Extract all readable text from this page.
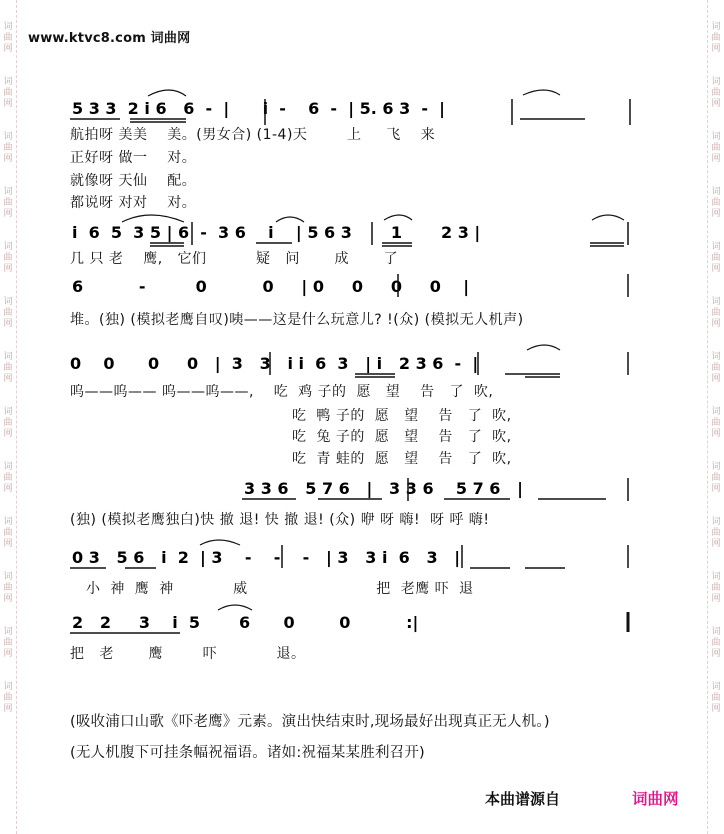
词
曲
网
词
曲
网
词
曲
网
词
曲
网
词
曲
网
词
曲
网
词
曲
网
词
曲
网
词
曲
网
词
曲
网
词
曲
网
词
曲
网
词
曲
网
词
曲
网
词
曲
网
词
曲
网
词
曲
网
词
曲
网
词
曲
网
词
曲
网
词
曲
网
词
曲
网
词
曲
网
词
曲
网
词
曲
网
词
曲
网
www.ktvc8.com 词曲网
5 3 3  2 i 6   6  -  |      i  -    6  -  | 5. 6 3  -  |
i  6  5  3 5 | 6  -  3 6    i    | 5 6 3       1       2 3 |
6          -         0          0     | 0     0     0     0    |
0    0      0     0   |  3   3   i i  6  3   | i   2 3 6  -  |
3 3 6   5 7 6   |   3 3 6    5 7 6   |
0 3   5 6   i  2  | 3    -    -    -   | 3   3 i  6   3   |
2   2     3    i  5       6      0        0          :|
航拍呀 美美    美。(男女合) (1-4)天        上     飞    来
正好呀 做一    对。
就像呀 天仙    配。
都说呀 对对    对。
几 只 老    鹰,   它们          疑   问       成       了
堆。(独) (模拟老鹰自叹)咦——这是什么玩意儿? !(众) (模拟无人机声)
呜——呜—— 呜——呜——,    吃  鸡 子的  愿   望    告   了  吹,
吃  鸭 子的  愿   望    告   了  吹,
吃  兔 子的  愿   望    告   了  吹,
吃  青 蛙的  愿   望    告   了  吹,
(独) (模拟老鹰独白)快 撤 退! 快 撤 退! (众) 咿 呀 嗨!  呀 呼 嗨!
小  神  鹰  神            威                          把  老鹰 吓  退
把   老       鹰        吓            退。
(吸收浦口山歌《吓老鹰》元素。演出快结束时,现场最好出现真正无人机。)
(无人机腹下可挂条幅祝福语。诸如:祝福某某胜利召开)
本曲谱源自	词曲网
